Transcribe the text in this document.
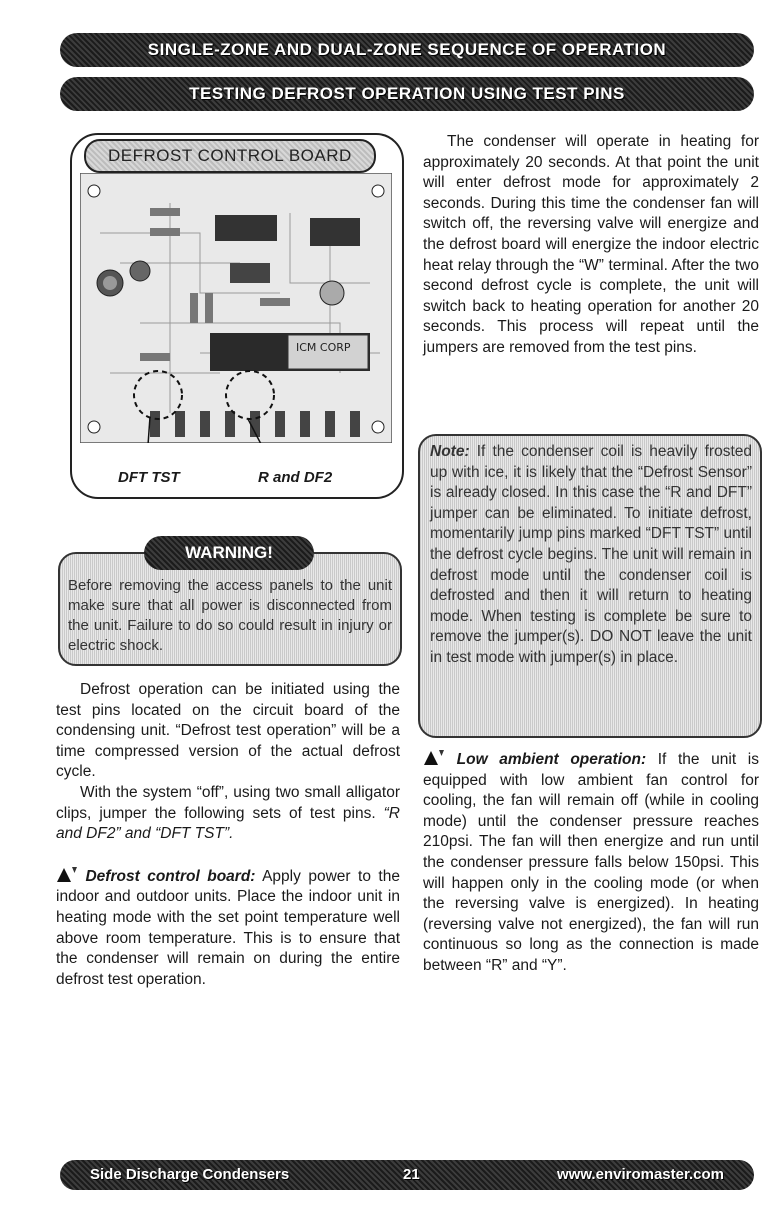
SINGLE-ZONE AND DUAL-ZONE SEQUENCE OF OPERATION
TESTING DEFROST OPERATION USING TEST PINS
ICM CORP
DEFROST CONTROL BOARD
DFT TST	R and DF2
WARNING!
Before removing the access panels to the unit make sure that all power is disconnected from the unit. Failure to do so could result in injury or electric shock.

Defrost operation can be initiated using the test pins located on the circuit board of the condensing unit. “Defrost test operation” will be a time compressed version of the actual defrost cycle.

With the system “off”, using two small alligator clips, jumper the following sets of test pins. “R and DF2” and “DFT TST”.

Defrost control board: Apply power to the indoor and outdoor units. Place the indoor unit in heating mode with the set point temperature well above room temperature. This is to ensure that the condenser will remain on during the entire defrost test operation.

The condenser will operate in heating for approximately 20 seconds. At that point the unit will enter defrost mode for approximately 2 seconds. During this time the condenser fan will switch off, the reversing valve will energize and the defrost board will energize the indoor electric heat relay through the “W” terminal. After the two second defrost cycle is complete, the unit will switch back to heating operation for another 20 seconds. This process will repeat until the jumpers are removed from the test pins.

Note: If the condenser coil is heavily frosted up with ice, it is likely that the “Defrost Sensor” is already closed. In this case the “R and DFT” jumper can be eliminated. To initiate defrost, momentarily jump pins marked “DFT TST” until the defrost cycle begins. The unit will remain in defrost mode until the condenser coil is defrosted and then it will return to heating mode. When testing is complete be sure to remove the jumper(s). DO NOT leave the unit in test mode with jumper(s) in place.

Low ambient operation: If the unit is equipped with low ambient fan control for cooling, the fan will remain off (while in cooling mode) until the condenser pressure reaches 210psi. The fan will then energize and run until the condenser pressure falls below 150psi. This will happen only in the cooling mode (or when the reversing valve is energized). In heating (reversing valve not energized), the fan will run continuous so long as the connection is made between “R” and “Y”.

Side Discharge Condensers	21	www.enviromaster.com
